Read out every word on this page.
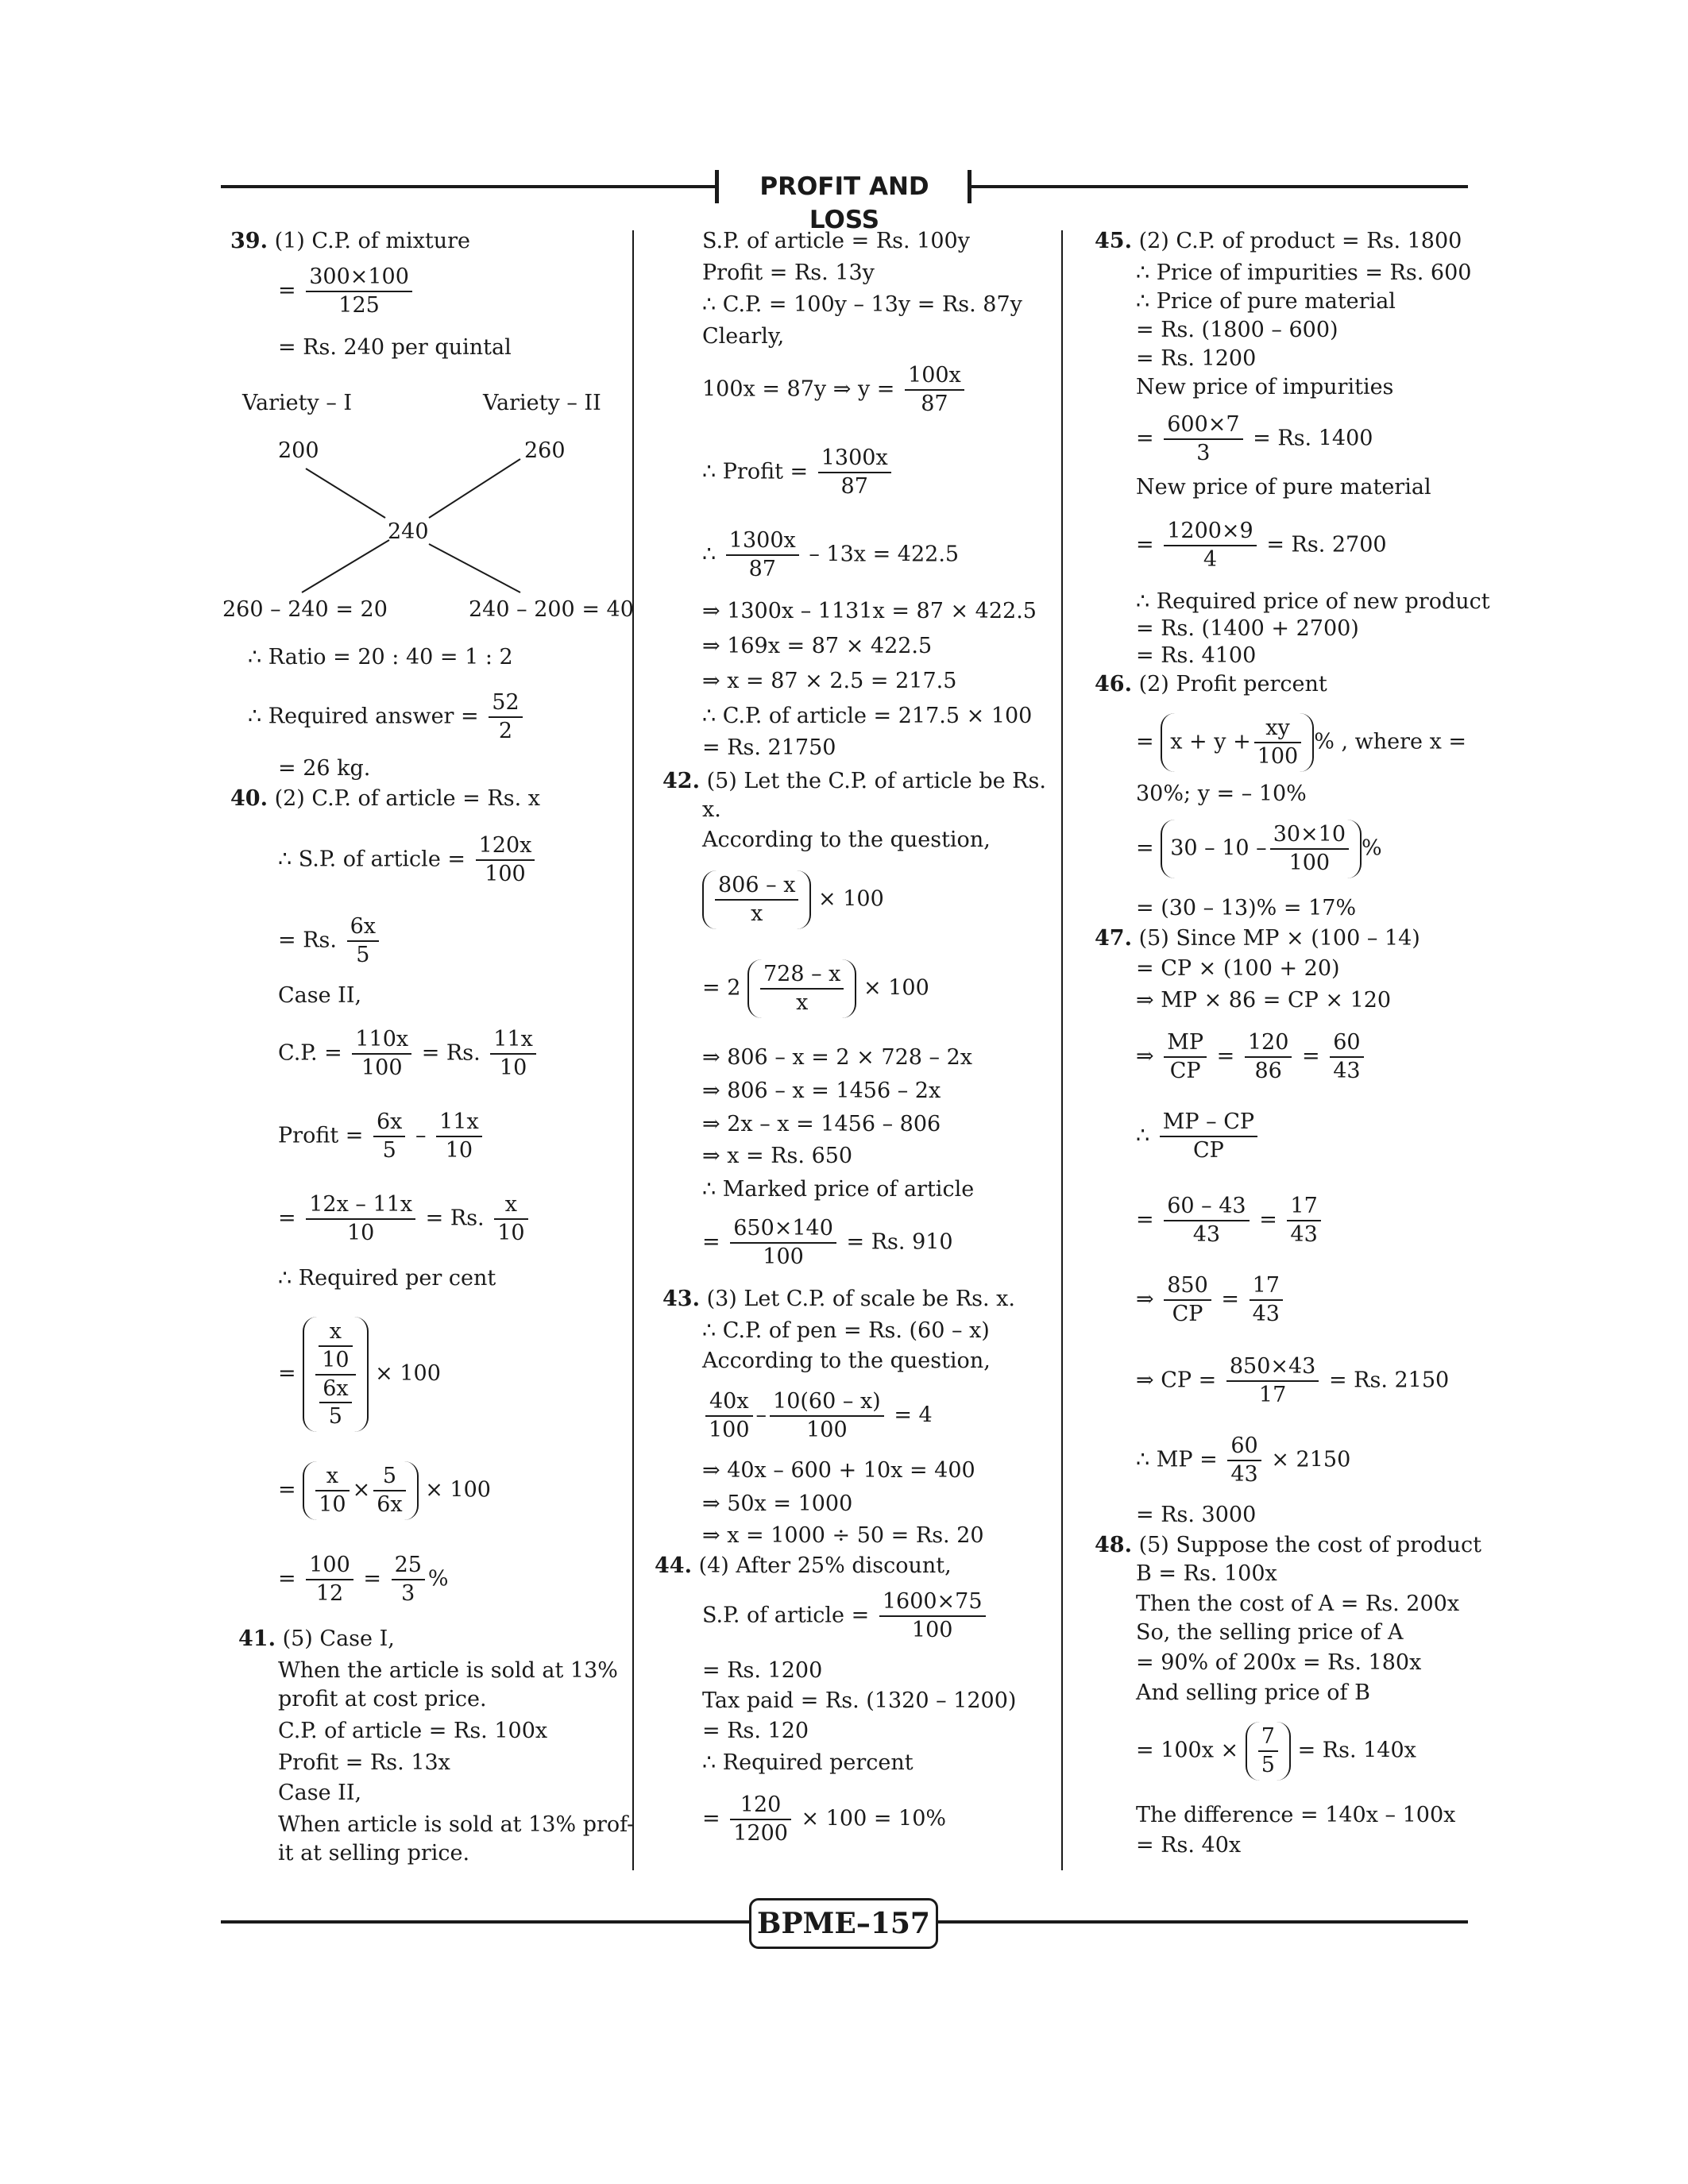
PROFIT AND LOSS
39. (1) C.P. of mixture
= $\frac{300\times 100}{125}$
= Rs. 240 per quintal
Variety – I	Variety – II
200	260
240
260 – 240 = 20	240 – 200 = 40
∴ Ratio = 20 : 40 = 1 : 2
∴ Required answer = $\frac{52}{2}$
= 26 kg.
40. (2) C.P. of article = Rs. x
∴ S.P. of article = $\frac{120x}{100}$
= Rs. $\frac{6x}{5}$
Case II,
C.P. = $\frac{110x}{100} = Rs$. $\frac{11x}{10}$
Profit = $\frac{6x}{5} - \frac{11x}{10}$
= $\frac{12x - 11x}{10} = Rs$. $\frac{x}{10}$
∴ Required per cent
= $\frac{\frac{x}{10}}{\frac{6x}{5}} \times 100$
= $\frac{x}{10} \times \frac{5}{6x} \times 100$
= $\frac{100}{12} = \frac{25}{3}$ %
41. (5) Case I,
When the article is sold at 13%
profit at cost price.
C.P. of article = Rs. 100x
Profit = Rs. 13x
Case II,
When article is sold at 13% prof-
it at selling price.
S.P. of article = Rs. 100y
Profit = Rs. 13y
∴ C.P. = 100y – 13y = Rs. 87y
Clearly,
100x = 87y ⇒ $y = \frac{100x}{87}$
∴ Profit = $\frac{1300x}{87}$
∴ $\frac{1300x}{87} - 13x = 422.5$
⇒ 1300x – 1131x = 87 × 422.5
⇒ 169x = 87 × 422.5
⇒ x = 87 × 2.5 = 217.5
∴ C.P. of article = 217.5 × 100
= Rs. 21750
42. (5) Let the C.P. of article be Rs.
x.
According to the question,
$\frac{806 - x}{x} \times 100$
= $2 \frac{728 - x}{x} \times 100$
⇒ 806 – x = 2 × 728 – 2x
⇒ 806 – x = 1456 – 2x
⇒ 2x – x = 1456 – 806
⇒ x = Rs. 650
∴ Marked price of article
= $\frac{650\times 140}{100} = Rs$. 910
43. (3) Let C.P. of scale be Rs. x.
∴ C.P. of pen = Rs. (60 – x)
According to the question,
$\frac{40x}{100} - \frac{10(60 - x)}{100} = 4$
⇒ 40x – 600 + 10x = 400
⇒ 50x = 1000
⇒ x = 1000 ÷ 50 = Rs. 20
44. (4) After 25% discount,
S.P. of article = $\frac{1600\times 75}{100}$
= Rs. 1200
Tax paid = Rs. (1320 – 1200)
= Rs. 120
∴ Required percent
= $\frac{120}{1200} \times 100 = 10\%$
45. (2) C.P. of product = Rs. 1800
∴ Price of impurities = Rs. 600
∴ Price of pure material
= Rs. (1800 – 600)
= Rs. 1200
New price of impurities
= $\frac{600\times 7}{3} = Rs$. 1400
New price of pure material
= $\frac{1200\times 9}{4} = Rs$. 2700
∴ Required price of new product
= Rs. (1400 + 2700)
= Rs. 4100
46. (2) Profit percent
= $x + y + \frac{xy}{100}$ % , where x =
30%; y = – 10%
= $30 - 10 - \frac{30\times 10}{100}$ %
= (30 – 13)% = 17%
47. (5) Since MP × (100 – 14)
= CP × (100 + 20)
⇒ MP × 86 = CP × 120
⇒ $\frac{MP}{CP} = \frac{120}{86} = \frac{60}{43}$
∴ $\frac{MP - CP}{CP}$
= $\frac{60 - 43}{43} = \frac{17}{43}$
⇒ $\frac{850}{CP} = \frac{17}{43}$
⇒ CP = $\frac{850\times 43}{17} = Rs$. 2150
∴ MP = $\frac{60}{43} \times 2150$
= Rs. 3000
48. (5) Suppose the cost of product
B = Rs. 100x
Then the cost of A = Rs. 200x
So, the selling price of A
= 90% of 200x = Rs. 180x
And selling price of B
= $100x \times \frac{7}{5} = Rs$. 140x
The difference = 140x – 100x
= Rs. 40x
BPME–157
